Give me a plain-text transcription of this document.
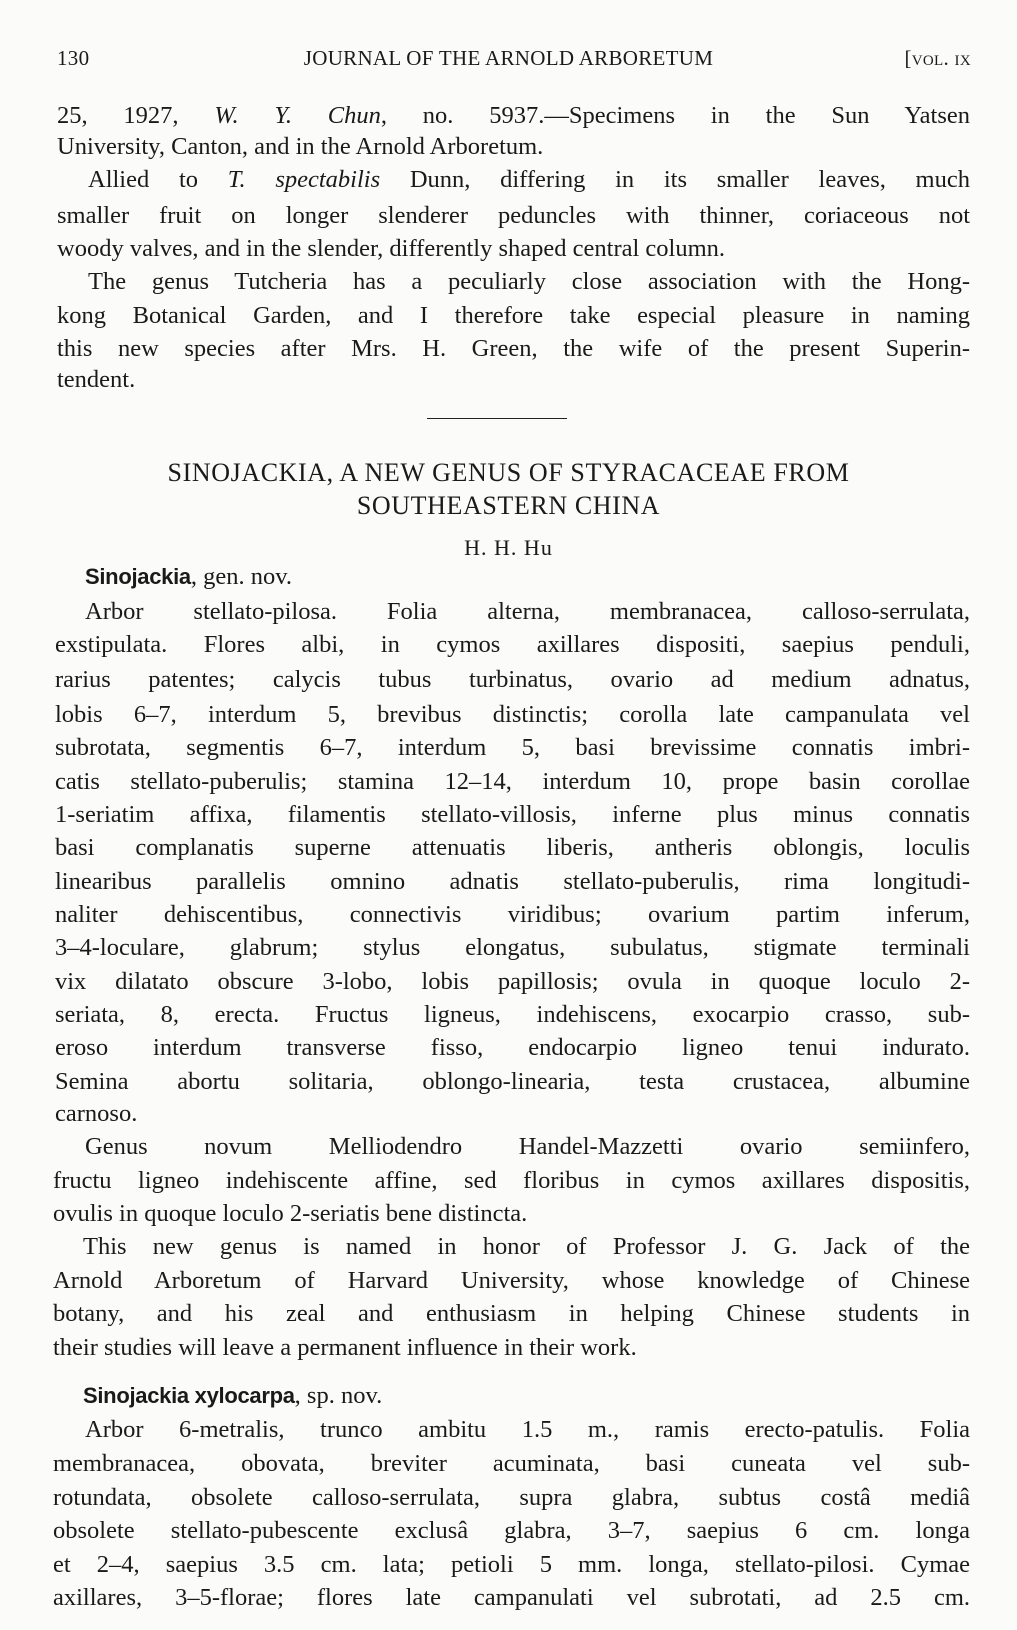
130	JOURNAL OF THE ARNOLD ARBORETUM	[vol. ix
25, 1927, W. Y. Chun, no. 5937.—Specimens in the Sun Yatsen
University, Canton, and in the Arnold Arboretum.
Allied to T. spectabilis Dunn, differing in its smaller leaves, much
smaller fruit on longer slenderer peduncles with thinner, coriaceous not
woody valves, and in the slender, differently shaped central column.
The genus Tutcheria has a peculiarly close association with the Hong-
kong Botanical Garden, and I therefore take especial pleasure in naming
this new species after Mrs. H. Green, the wife of the present Superin-
tendent.
SINOJACKIA, A NEW GENUS OF STYRACACEAE FROM
SOUTHEASTERN CHINA
H. H. Hu
Sinojackia, gen. nov.
Arbor stellato-pilosa. Folia alterna, membranacea, calloso-serrulata,
exstipulata. Flores albi, in cymos axillares dispositi, saepius penduli,
rarius patentes; calycis tubus turbinatus, ovario ad medium adnatus,
lobis 6–7, interdum 5, brevibus distinctis; corolla late campanulata vel
subrotata, segmentis 6–7, interdum 5, basi brevissime connatis imbri-
catis stellato-puberulis; stamina 12–14, interdum 10, prope basin corollae
1-seriatim affixa, filamentis stellato-villosis, inferne plus minus connatis
basi complanatis superne attenuatis liberis, antheris oblongis, loculis
linearibus parallelis omnino adnatis stellato-puberulis, rima longitudi-
naliter dehiscentibus, connectivis viridibus; ovarium partim inferum,
3–4-loculare, glabrum; stylus elongatus, subulatus, stigmate terminali
vix dilatato obscure 3-lobo, lobis papillosis; ovula in quoque loculo 2-
seriata, 8, erecta. Fructus ligneus, indehiscens, exocarpio crasso, sub-
eroso interdum transverse fisso, endocarpio ligneo tenui indurato.
Semina abortu solitaria, oblongo-linearia, testa crustacea, albumine
carnoso.
Genus novum Melliodendro Handel-Mazzetti ovario semiinfero,
fructu ligneo indehiscente affine, sed floribus in cymos axillares dispositis,
ovulis in quoque loculo 2-seriatis bene distincta.
This new genus is named in honor of Professor J. G. Jack of the
Arnold Arboretum of Harvard University, whose knowledge of Chinese
botany, and his zeal and enthusiasm in helping Chinese students in
their studies will leave a permanent influence in their work.
Sinojackia xylocarpa, sp. nov.
Arbor 6-metralis, trunco ambitu 1.5 m., ramis erecto-patulis. Folia
membranacea, obovata, breviter acuminata, basi cuneata vel sub-
rotundata, obsolete calloso-serrulata, supra glabra, subtus costâ mediâ
obsolete stellato-pubescente exclusâ glabra, 3–7, saepius 6 cm. longa
et 2–4, saepius 3.5 cm. lata; petioli 5 mm. longa, stellato-pilosi. Cymae
axillares, 3–5-florae; flores late campanulati vel subrotati, ad 2.5 cm.
